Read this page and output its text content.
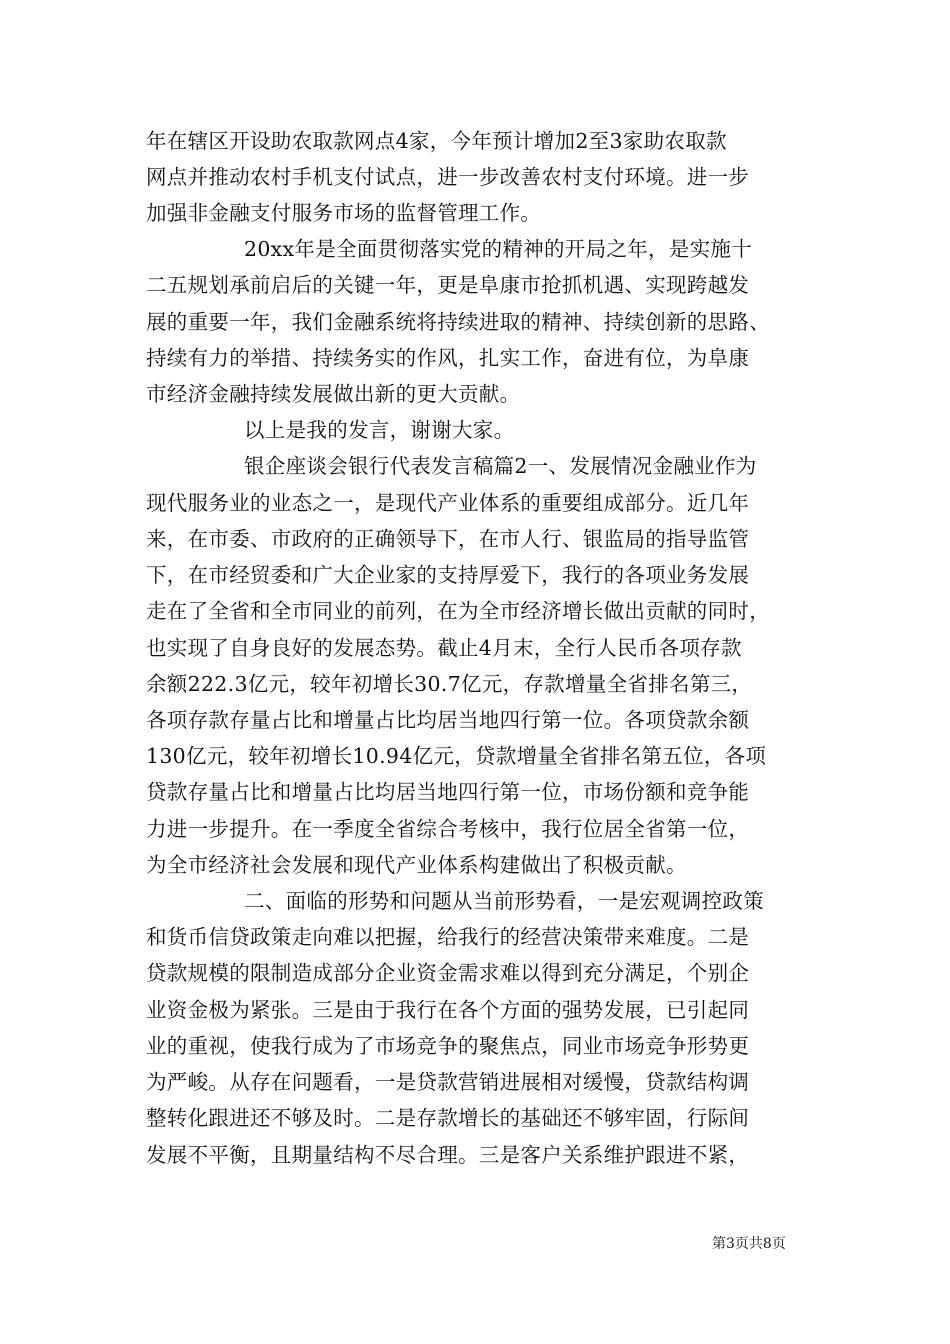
年在辖区开设助农取款网点4家，今年预计增加2至3家助农取款
网点并推动农村手机支付试点，进一步改善农村支付环境。进一步
加强非金融支付服务市场的监督管理工作。
20xx年是全面贯彻落实党的精神的开局之年，是实施十
二五规划承前启后的关键一年，更是阜康市抢抓机遇、实现跨越发
展的重要一年，我们金融系统将持续进取的精神、持续创新的思路、
持续有力的举措、持续务实的作风，扎实工作，奋进有位，为阜康
市经济金融持续发展做出新的更大贡献。
以上是我的发言，谢谢大家。
银企座谈会银行代表发言稿篇2一、发展情况金融业作为
现代服务业的业态之一，是现代产业体系的重要组成部分。近几年
来，在市委、市政府的正确领导下，在市人行、银监局的指导监管
下，在市经贸委和广大企业家的支持厚爱下，我行的各项业务发展
走在了全省和全市同业的前列，在为全市经济增长做出贡献的同时，
也实现了自身良好的发展态势。截止4月末，全行人民币各项存款
余额222.3亿元，较年初增长30.7亿元，存款增量全省排名第三，
各项存款存量占比和增量占比均居当地四行第一位。各项贷款余额
130亿元，较年初增长10.94亿元，贷款增量全省排名第五位，各项
贷款存量占比和增量占比均居当地四行第一位，市场份额和竞争能
力进一步提升。在一季度全省综合考核中，我行位居全省第一位，
为全市经济社会发展和现代产业体系构建做出了积极贡献。
二、面临的形势和问题从当前形势看，一是宏观调控政策
和货币信贷政策走向难以把握，给我行的经营决策带来难度。二是
贷款规模的限制造成部分企业资金需求难以得到充分满足，个别企
业资金极为紧张。三是由于我行在各个方面的强势发展，已引起同
业的重视，使我行成为了市场竞争的聚焦点，同业市场竞争形势更
为严峻。从存在问题看，一是贷款营销进展相对缓慢，贷款结构调
整转化跟进还不够及时。二是存款增长的基础还不够牢固，行际间
发展不平衡，且期量结构不尽合理。三是客户关系维护跟进不紧，
第3页共8页
